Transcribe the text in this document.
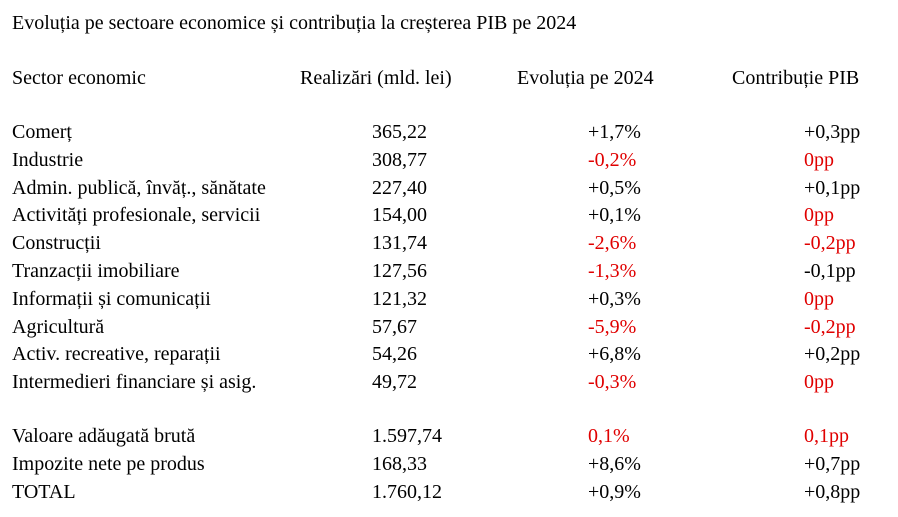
Evoluția pe sectoare economice și contribuția la creșterea PIB pe 2024
Sector economic	Realizări (mld. lei)	Evoluția pe 2024	Contribuție PIB
Comerț	365,22	+1,7%	+0,3pp
Industrie	308,77	-0,2%	0pp
Admin. publică, învăț., sănătate	227,40	+0,5%	+0,1pp
Activități profesionale, servicii	154,00	+0,1%	0pp
Construcții	131,74	-2,6%	-0,2pp
Tranzacții imobiliare	127,56	-1,3%	-0,1pp
Informații și comunicații	121,32	+0,3%	0pp
Agricultură	57,67	-5,9%	-0,2pp
Activ. recreative, reparații	54,26	+6,8%	+0,2pp
Intermedieri financiare și asig.	49,72	-0,3%	0pp
Valoare adăugată brută	1.597,74	0,1%	0,1pp
Impozite nete pe produs	168,33	+8,6%	+0,7pp
TOTAL	1.760,12	+0,9%	+0,8pp
